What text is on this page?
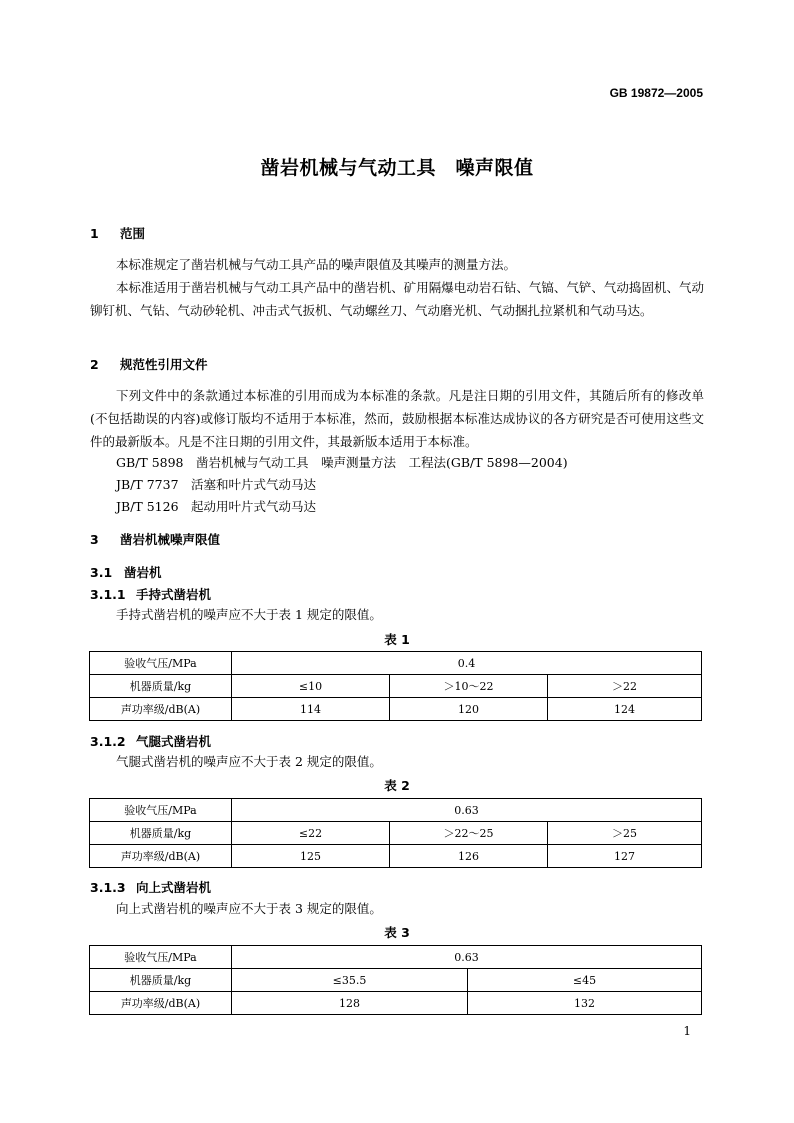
GB 19872—2005
凿岩机械与气动工具　噪声限值
1 范围
本标准规定了凿岩机械与气动工具产品的噪声限值及其噪声的测量方法。
本标准适用于凿岩机械与气动工具产品中的凿岩机、矿用隔爆电动岩石钻、气镐、气铲、气动捣固机、气动铆钉机、气钻、气动砂轮机、冲击式气扳机、气动螺丝刀、气动磨光机、气动捆扎拉紧机和气动马达。
2 规范性引用文件
下列文件中的条款通过本标准的引用而成为本标准的条款。凡是注日期的引用文件，其随后所有的修改单(不包括勘误的内容)或修订版均不适用于本标准，然而，鼓励根据本标准达成协议的各方研究是否可使用这些文件的最新版本。凡是不注日期的引用文件，其最新版本适用于本标准。
GB/T 5898　凿岩机械与气动工具　噪声测量方法　工程法(GB/T 5898—2004)
JB/T 7737　活塞和叶片式气动马达
JB/T 5126　起动用叶片式气动马达
3 凿岩机械噪声限值
3.1 凿岩机
3.1.1 手持式凿岩机
手持式凿岩机的噪声应不大于表 1 规定的限值。
表 1
验收气压/MPa	0.4		
机器质量/kg	≤10	＞10～22	＞22
声功率级/dB(A)	114	120	124
3.1.2 气腿式凿岩机
气腿式凿岩机的噪声应不大于表 2 规定的限值。
表 2
验收气压/MPa	0.63		
机器质量/kg	≤22	＞22～25	＞25
声功率级/dB(A)	125	126	127
3.1.3 向上式凿岩机
向上式凿岩机的噪声应不大于表 3 规定的限值。
表 3
验收气压/MPa	0.63	
机器质量/kg	≤35.5	≤45
声功率级/dB(A)	128	132
1
